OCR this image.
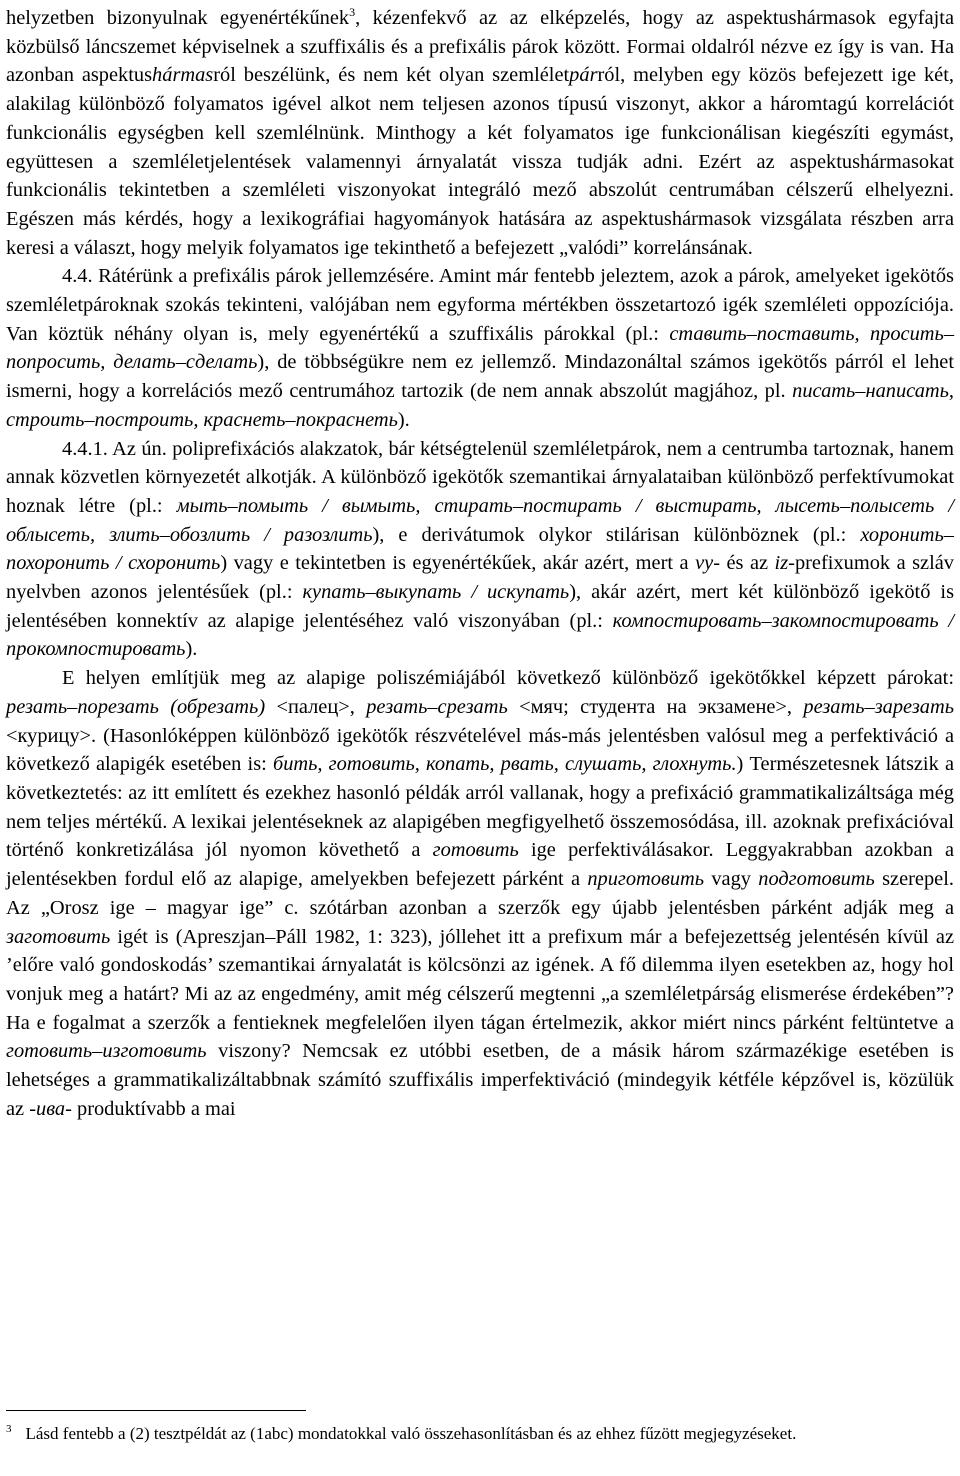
helyzetben bizonyulnak egyenértékűnek$^3$, kézenfekvő az az elképzelés, hogy az aspektushármasok egyfajta közbülső láncszemet képviselnek a szuffixális és a prefixális párok között. Formai oldalról nézve ez így is van. Ha azonban aspektushármasról beszélünk, és nem két olyan szemléletpárról, melyben egy közös befejezett ige két, alakilag különböző folyamatos igével alkot nem teljesen azonos típusú viszonyt, akkor a háromtagú korrelációt funkcionális egységben kell szemlélnünk. Minthogy a két folyamatos ige funkcionálisan kiegészíti egymást, együttesen a szemléletjelentések valamennyi árnyalatát vissza tudják adni. Ezért az aspektushármasokat funkcionális tekintetben a szemléleti viszonyokat integráló mező abszolút centrumában célszerű elhelyezni. Egészen más kérdés, hogy a lexikográfiai hagyományok hatására az aspektushármasok vizsgálata részben arra keresi a választ, hogy melyik folyamatos ige tekinthető a befejezett „valódi” korrelánsának.

4.4. Rátérünk a prefixális párok jellemzésére. Amint már fentebb jeleztem, azok a párok, amelyeket igekötős szemléletpároknak szokás tekinteni, valójában nem egyforma mértékben összetartozó igék szemléleti oppozíciója. Van köztük néhány olyan is, mely egyenértékű a szuffixális párokkal (pl.: ставить–поставить, просить–попросить, делать–сделать), de többségükre nem ez jellemző. Mindazonáltal számos igekötős párról el lehet ismerni, hogy a korrelációs mező centrumához tartozik (de nem annak abszolút magjához, pl. писать–написать, строить–построить, краснеть–покраснеть).

4.4.1. Az ún. poliprefixációs alakzatok, bár kétségtelenül szemléletpárok, nem a centrumba tartoznak, hanem annak közvetlen környezetét alkotják. A különböző igekötők szemantikai árnyalataiban különböző perfektívumokat hoznak létre (pl.: мыть–помыть / вымыть, стирать–постирать / выстирать, лысеть–полысеть / облысеть, злить–обозлить / разозлить), e derivátumok olykor stilárisan különböznek (pl.: хоронить–похоронить / схоронить) vagy e tekintetben is egyenértékűek, akár azért, mert a vy- és az iz-prefixumok a szláv nyelvben azonos jelentésűek (pl.: купать–выкупать / искупать), akár azért, mert két különböző igekötő is jelentésében konnektív az alapige jelentéséhez való viszonyában (pl.: компостировать–закомпостировать / прокомпостировать).

E helyen említjük meg az alapige poliszémiájából következő különböző igekötőkkel képzett párokat: резать–порезать (обрезать) <палец>, резать–срезать <мяч; студента на экзамене>, резать–зарезать <курицу>. (Hasonlóképpen különböző igekötők részvételével más-más jelentésben valósul meg a perfektiváció a következő alapigék esetében is: бить, готовить, копать, рвать, слушать, глохнуть.) Természetesnek látszik a következtetés: az itt említett és ezekhez hasonló példák arról vallanak, hogy a prefixáció grammatikalizáltsága még nem teljes mértékű. A lexikai jelentéseknek az alapigében megfigyelhető összemosódása, ill. azoknak prefixációval történő konkretizálása jól nyomon követhető a готовить ige perfektiválásakor. Leggyakrabban azokban a jelentésekben fordul elő az alapige, amelyekben befejezett párként a приготовить vagy подготовить szerepel. Az „Orosz ige – magyar ige” c. szótárban azonban a szerzők egy újabb jelentésben párként adják meg a заготовить igét is (Apreszjan–Páll 1982, 1: 323), jóllehet itt a prefixum már a befejezettség jelentésén kívül az ’előre való gondoskodás’ szemantikai árnyalatát is kölcsönzi az igének. A fő dilemma ilyen esetekben az, hogy hol vonjuk meg a határt? Mi az az engedmény, amit még célszerű megtenni „a szemléletpárság elismerése érdekében”? Ha e fogalmat a szerzők a fentieknek megfelelően ilyen tágan értelmezik, akkor miért nincs párként feltüntetve a готовить–изготовить viszony? Nemcsak ez utóbbi esetben, de a másik három származékige esetében is lehetséges a grammatikalizáltabbnak számító szuffixális imperfektiváció (mindegyik kétféle képzővel is, közülük az -ива- produktívabb a mai

$^3$ Lásd fentebb a (2) tesztpéldát az (1abc) mondatokkal való összehasonlításban és az ehhez fűzött megjegyzéseket.
